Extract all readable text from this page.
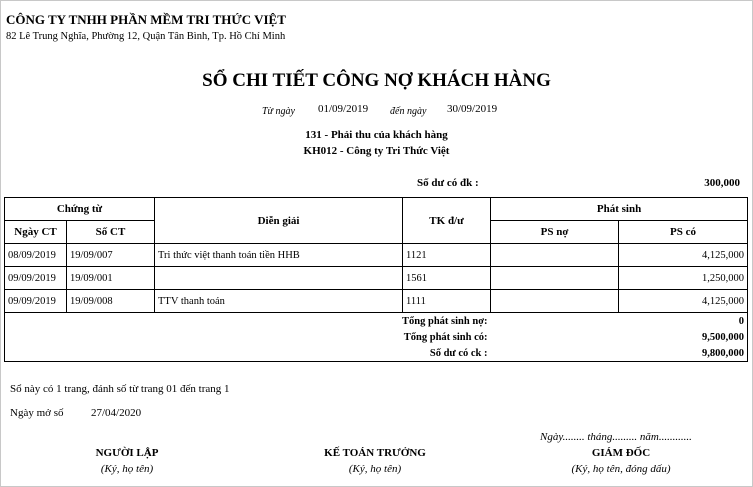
CÔNG TY TNHH PHẦN MỀM TRI THỨC VIỆT
82 Lê Trung Nghĩa, Phường 12, Quận Tân Bình, Tp. Hồ Chí Minh
SỔ CHI TIẾT CÔNG NỢ KHÁCH HÀNG
Từ ngày 01/09/2019 đến ngày 30/09/2019
131 - Phải thu của khách hàng
KH012 - Công ty Tri Thức Việt
Số dư có đk :	300,000
Chứng từ		Diễn giải	TK đ/ư	Phát sinh	
Ngày CT	Số CT			PS nợ	PS có
08/09/2019	19/09/007	Tri thức việt thanh toán tiền HHB	1121		4,125,000
09/09/2019	19/09/001		1561		1,250,000
09/09/2019	19/09/008	TTV thanh toán	1111		4,125,000
Tổng phát sinh nợ:				0	
Tổng phát sinh có:				9,500,000	
Số dư có ck :				9,800,000	
Sổ này có 1 trang, đánh số từ trang 01 đến trang 1
Ngày mở số	27/04/2020
Ngày........ tháng......... năm............
NGƯỜI LẬP
(Ký, họ tên)
KẾ TOÁN TRƯỞNG
(Ký, họ tên)
GIÁM ĐỐC
(Ký, họ tên, đóng dấu)
